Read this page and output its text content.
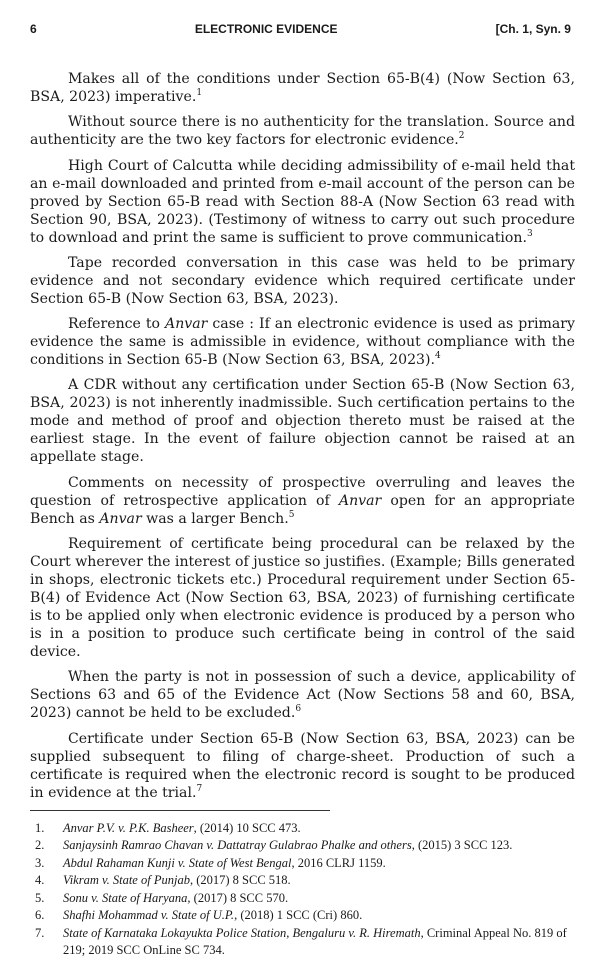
6	ELECTRONIC EVIDENCE	[Ch. 1, Syn. 9

Makes all of the conditions under Section 65-B(4) (Now Section 63, BSA, 2023) imperative.$^1$

Without source there is no authenticity for the translation. Source and authenticity are the two key factors for electronic evidence.$^2$

High Court of Calcutta while deciding admissibility of e-mail held that an e-mail downloaded and printed from e-mail account of the person can be proved by Section 65-B read with Section 88-A (Now Section 63 read with Section 90, BSA, 2023). (Testimony of witness to carry out such procedure to download and print the same is sufficient to prove communication.$^3$

Tape recorded conversation in this case was held to be primary evidence and not secondary evidence which required certificate under Section 65-B (Now Section 63, BSA, 2023).

Reference to Anvar case : If an electronic evidence is used as primary evidence the same is admissible in evidence, without compliance with the conditions in Section 65-B (Now Section 63, BSA, 2023).$^4$

A CDR without any certification under Section 65-B (Now Section 63, BSA, 2023) is not inherently inadmissible. Such certification pertains to the mode and method of proof and objection thereto must be raised at the earliest stage. In the event of failure objection cannot be raised at an appellate stage.

Comments on necessity of prospective overruling and leaves the question of retrospective application of Anvar open for an appropriate Bench as Anvar was a larger Bench.$^5$

Requirement of certificate being procedural can be relaxed by the Court wherever the interest of justice so justifies. (Example; Bills generated in shops, electronic tickets etc.) Procedural requirement under Section 65-B(4) of Evidence Act (Now Section 63, BSA, 2023) of furnishing certificate is to be applied only when electronic evidence is produced by a person who is in a position to produce such certificate being in control of the said device.

When the party is not in possession of such a device, applicability of Sections 63 and 65 of the Evidence Act (Now Sections 58 and 60, BSA, 2023) cannot be held to be excluded.$^6$

Certificate under Section 65-B (Now Section 63, BSA, 2023) can be supplied subsequent to filing of charge-sheet. Production of such a certificate is required when the electronic record is sought to be produced in evidence at the trial.$^7$

1.	Anvar P.V. v. P.K. Basheer, (2014) 10 SCC 473.
2.	Sanjaysinh Ramrao Chavan v. Dattatray Gulabrao Phalke and others, (2015) 3 SCC 123.
3.	Abdul Rahaman Kunji v. State of West Bengal, 2016 CLRJ 1159.
4.	Vikram v. State of Punjab, (2017) 8 SCC 518.
5.	Sonu v. State of Haryana, (2017) 8 SCC 570.
6.	Shafhi Mohammad v. State of U.P., (2018) 1 SCC (Cri) 860.
7.	State of Karnataka Lokayukta Police Station, Bengaluru v. R. Hiremath, Criminal Appeal No. 819 of 219; 2019 SCC OnLine SC 734.
